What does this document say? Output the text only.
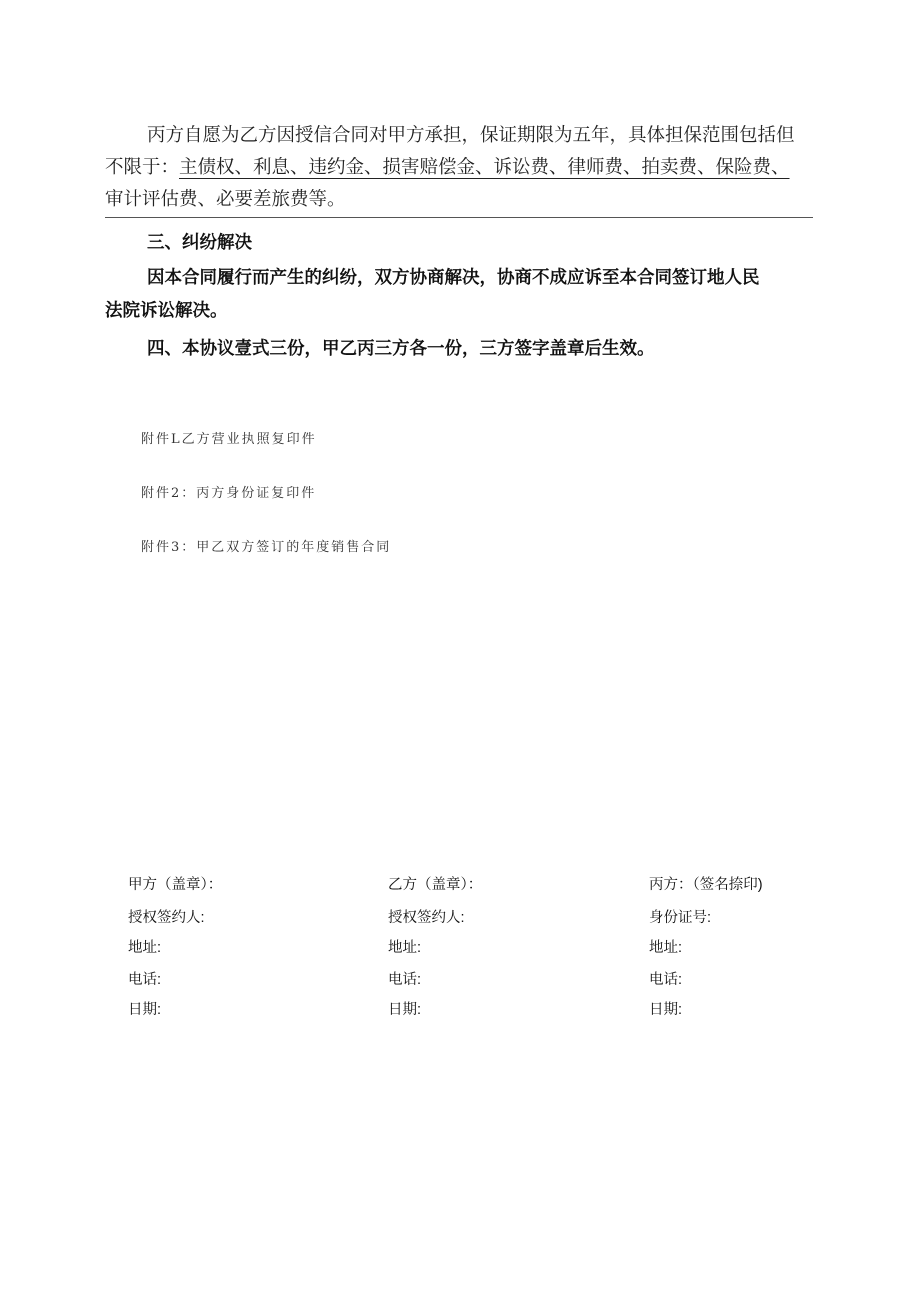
丙方自愿为乙方因授信合同对甲方承担，保证期限为五年，具体担保范围包括但
不限于：主债权、利息、违约金、损害赔偿金、诉讼费、律师费、拍卖费、保险费、
审计评估费、必要差旅费等。
三、纠纷解决
因本合同履行而产生的纠纷，双方协商解决，协商不成应诉至本合同签订地人民
法院诉讼解决。
四、本协议壹式三份，甲乙丙三方各一份，三方签字盖章后生效。
附件L乙方营业执照复印件
附件2：丙方身份证复印件
附件3：甲乙双方签订的年度销售合同
甲方（盖章）：
授权签约人:
地址:
电话:
日期:
乙方（盖章）：
授权签约人:
地址:
电话:
日期:
丙方：（签名捺印)
身份证号:
地址:
电话:
日期:
